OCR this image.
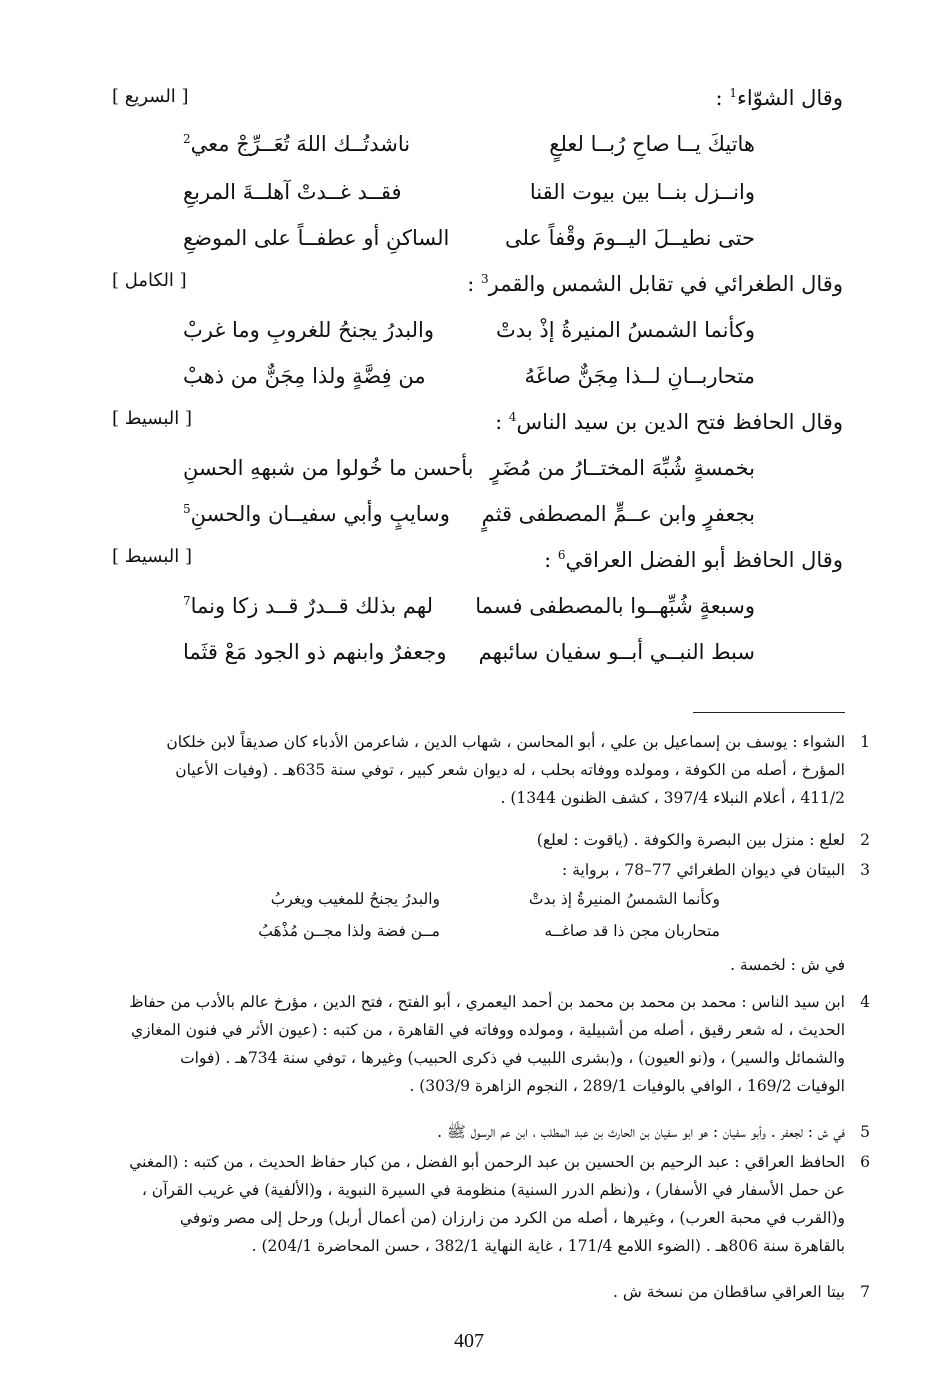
وقال الشوّاء$^1$ :
[ السريع ]
هاتيكَ يــا صاحِ رُبــا لعلعٍ
ناشدتُــك اللهَ تُعَــرِّجْ معي$^2$
وانــزل بنــا بين بيوت القنا
فقــد غــدتْ آهلــةَ المربعِ
حتى نطيــلَ اليــومَ وقْفاً على
الساكنِ أو عطفــاً على الموضعِ
وقال الطغرائي في تقابل الشمس والقمر$^3$ :
[ الكامل ]
وكأنما الشمسُ المنيرةُ إذْ بدتْ
والبدرُ يجنحُ للغروبِ وما غربْ
متحاربــانِ لــذا مِجَنٌّ صاغَهُ
من فِضَّةٍ ولذا مِجَنٌّ من ذهبْ
وقال الحافظ فتح الدين بن سيد الناس$^4$ :
[ البسيط ]
بخمسةٍ شُبِّهَ المختــارُ من مُضَرٍ
بأحسن ما خُولوا من شبههِ الحسنِ
بجعفرٍ وابن عــمٍّ المصطفى قثمٍ
وسايبٍ وأبي سفيــان والحسنِ$^5$
وقال الحافظ أبو الفضل العراقي$^6$ :
[ البسيط ]
وسبعةٍ شُبِّهــوا بالمصطفى فسما
لهم بذلك قــدرٌ قــد زكا ونما$^7$
سبط النبــي أبــو سفيان سائبهم
وجعفرٌ وابنهم ذو الجود مَعْ قثَما
1
الشواء : يوسف بن إسماعيل بن علي ، أبو المحاسن ، شهاب الدين ، شاعرمن الأدباء كان صديقاً لابن خلكان المؤرخ ، أصله من الكوفة ، ومولده ووفاته بحلب ، له ديوان شعر كبير ، توفي سنة 635هـ . (وفيات الأعيان 411/2 ، أعلام النبلاء 397/4 ، كشف الظنون 1344) .
2
لعلع : منزل بين البصرة والكوفة . (ياقوت : لعلع)
3
البيتان في ديوان الطغرائي 77–78 ، برواية :
وكأنما الشمسُ المنيرةُ إذ بدتْ
والبدرُ يجنحُ للمغيب ويغربُ
متحاربان مجن ذا قد صاغــه
مــن فضة ولذا مجــن مُذْهَبُ
في ش : لخمسة .
4
ابن سيد الناس : محمد بن محمد بن محمد بن أحمد اليعمري ، أبو الفتح ، فتح الدين ، مؤرخ عالم بالأدب من حفاظ الحديث ، له شعر رقيق ، أصله من أشبيلية ، ومولده ووفاته في القاهرة ، من كتبه : (عيون الأثر في فنون المغازي والشمائل والسير) ، و(نو العيون) ، و(بشرى اللبيب في ذكرى الحبيب) وغيرها ، توفي سنة 734هـ . (فوات الوفيات 169/2 ، الوافي بالوفيات 289/1 ، النجوم الزاهرة 303/9) .
5
في ش : لجعفر . وأبو سفيان : هو ابو سفيان بن الحارث بن عبد المطلب ، ابن عم الرسول ﷺ .
6
الحافظ العراقي : عبد الرحيم بن الحسين بن عبد الرحمن أبو الفضل ، من كبار حفاظ الحديث ، من كتبه : (المغني عن حمل الأسفار في الأسفار) ، و(نظم الدرر السنية) منظومة في السيرة النبوية ، و(الألفية) في غريب القرآن ، و(القرب في محبة العرب) ، وغيرها ، أصله من الكرد من زارزان (من أعمال أربل) ورحل إلى مصر وتوفي بالقاهرة سنة 806هـ . (الضوء اللامع 171/4 ، غاية النهاية 382/1 ، حسن المحاضرة 204/1) .
7
بيتا العراقي ساقطان من نسخة ش .
407
